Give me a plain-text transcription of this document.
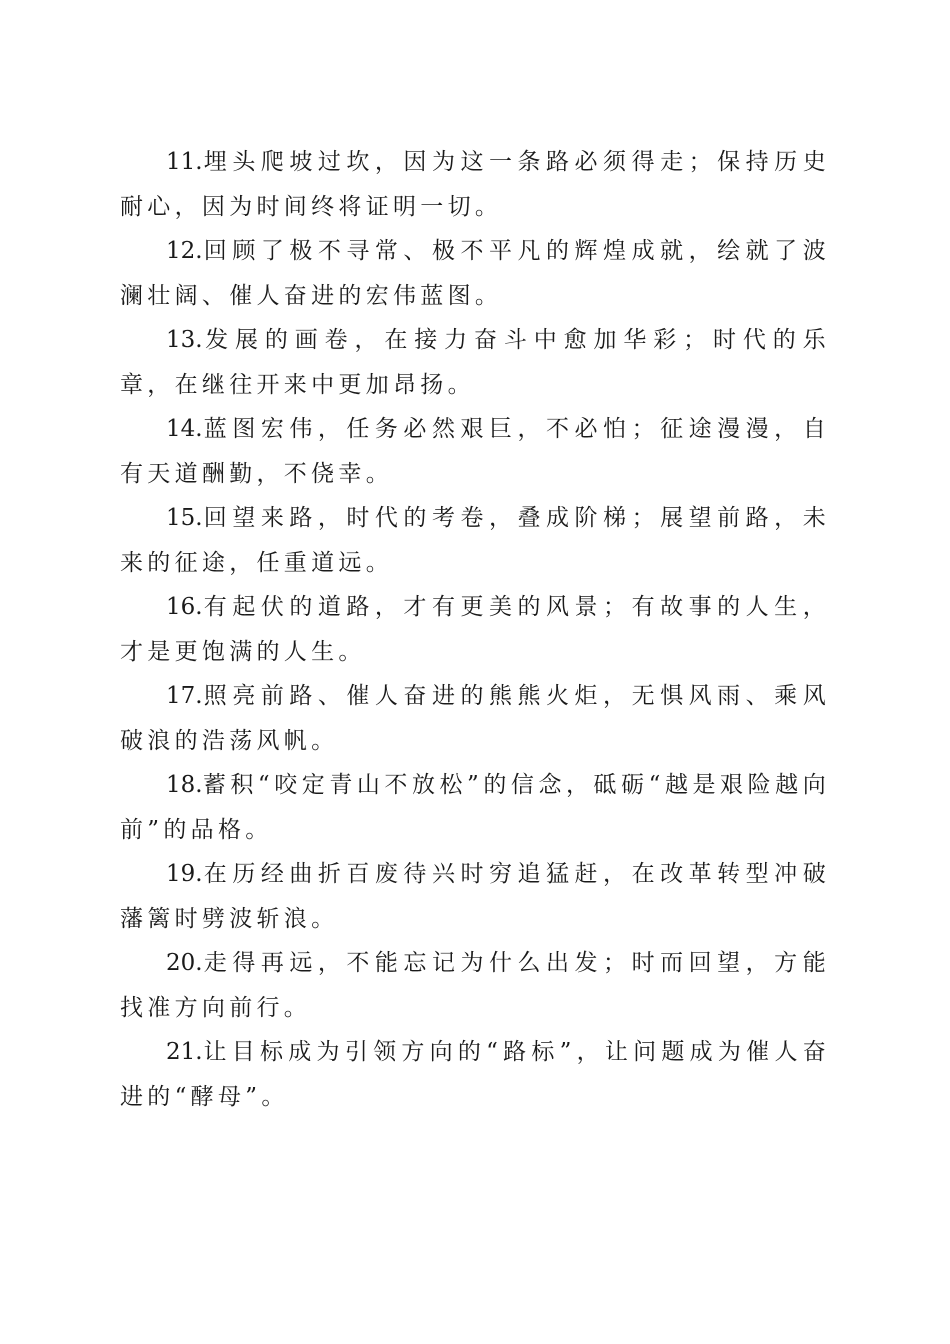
11.埋头爬坡过坎，因为这一条路必须得走；保持历史耐心，因为时间终将证明一切。

12.回顾了极不寻常、极不平凡的辉煌成就，绘就了波澜壮阔、催人奋进的宏伟蓝图。

13.发展的画卷，在接力奋斗中愈加华彩；时代的乐章，在继往开来中更加昂扬。

14.蓝图宏伟，任务必然艰巨，不必怕；征途漫漫，自有天道酬勤，不侥幸。

15.回望来路，时代的考卷，叠成阶梯；展望前路，未来的征途，任重道远。

16.有起伏的道路，才有更美的风景；有故事的人生，才是更饱满的人生。

17.照亮前路、催人奋进的熊熊火炬，无惧风雨、乘风破浪的浩荡风帆。

18.蓄积“咬定青山不放松”的信念，砥砺“越是艰险越向前”的品格。

19.在历经曲折百废待兴时穷追猛赶，在改革转型冲破藩篱时劈波斩浪。

20.走得再远，不能忘记为什么出发；时而回望，方能找准方向前行。

21.让目标成为引领方向的“路标”，让问题成为催人奋进的“酵母”。
